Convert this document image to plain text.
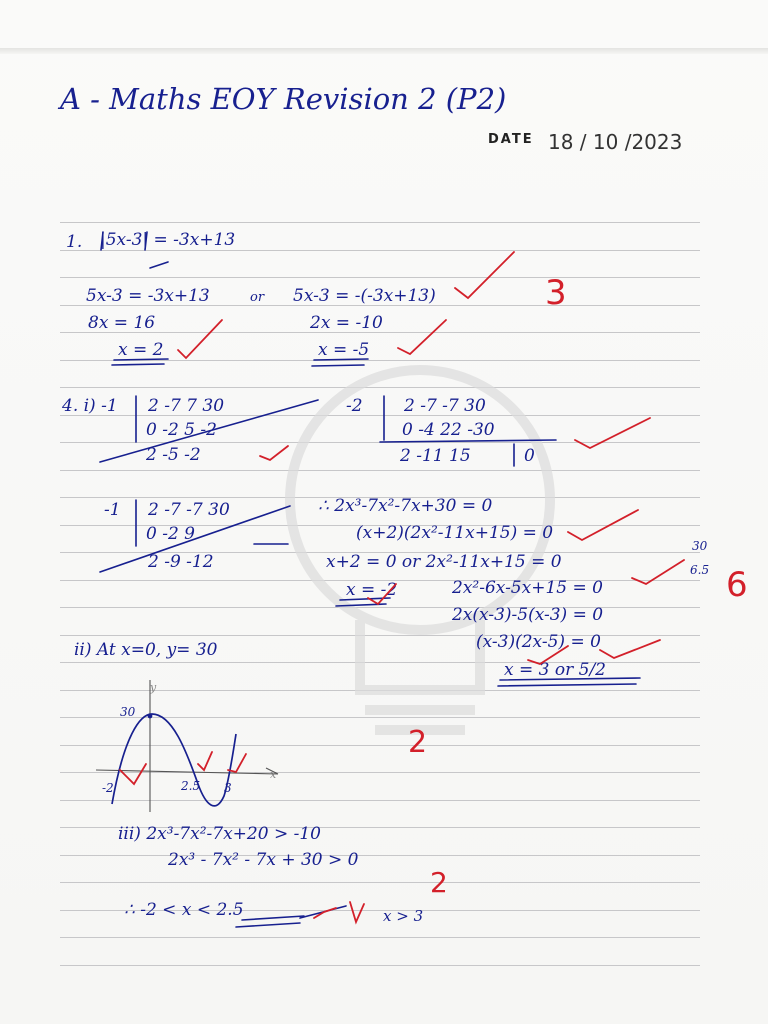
A - Maths EOY Revision 2 (P2)
DATE 18 / 10 /2023
1. |5x-3| = -3x+13
5x-3 = -3x+13	or 5x-3 = -(-3x+13)
8x = 16	2x = -10
x = 2	x = -5
3
4. i) -1 2 -7 7 30
0 -2 5 -2
2 -5 -2
-2 2 -7 -7 30
0 -4 22 -30
2 -11 15	0
-1 2 -7 -7 30
0 -2 9
2 -9 -12
∴ 2x³-7x²-7x+30 = 0
(x+2)(2x²-11x+15) = 0
x+2 = 0 or 2x²-11x+15 = 0
x = -2	2x²-6x-5x+15 = 0
2x(x-3)-5(x-3) = 0
(x-3)(2x-5) = 0
x = 3 or 5/2
30
6.5 6
ii) At x=0, y= 30
30
y
x
-2	2.5 3
2
iii) 2x³-7x²-7x+20 > -10
2x³ - 7x² - 7x + 30 > 0
2
∴ -2 < x < 2.5	x > 3
